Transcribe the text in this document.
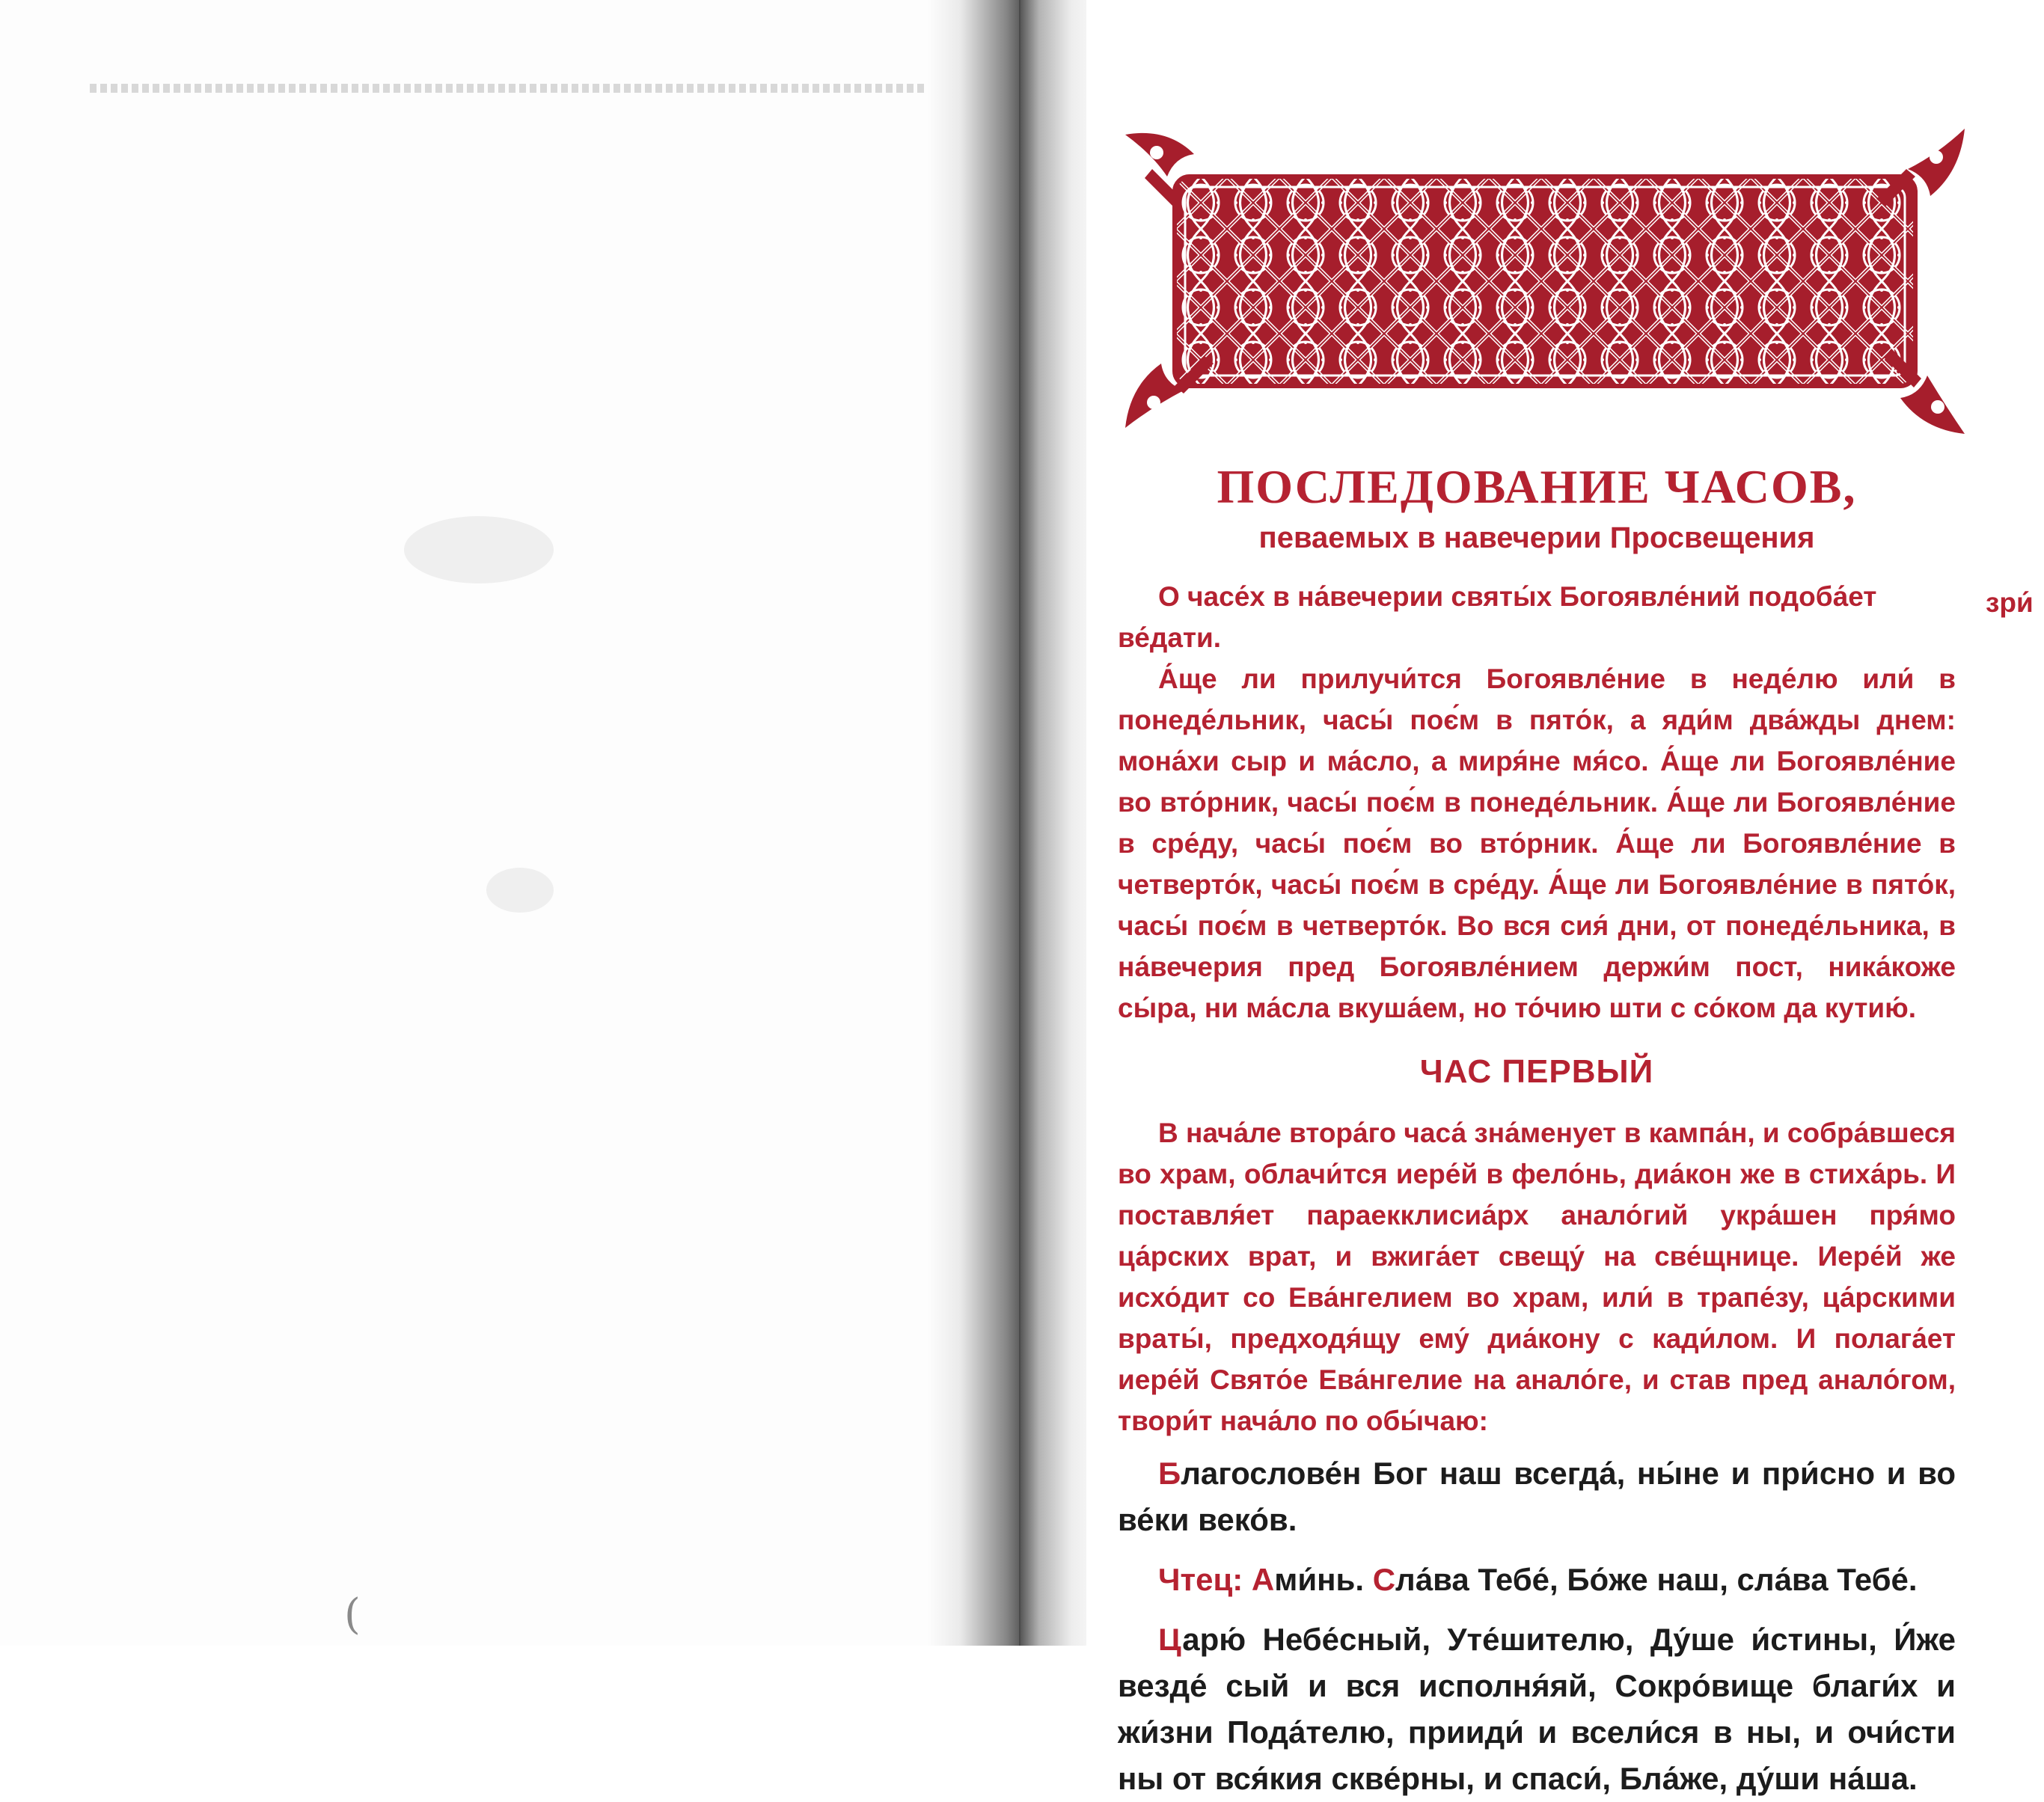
(
ПОСЛЕДОВАНИЕ ЧАСОВ,
певаемых в навечерии Просвещения

О часе́х в на́вечерии святы́х Богоявле́ний подоба́ет ве́дати.

А́ще ли прилучи́тся Богоявле́ние в неде́лю или́ в понеде́льник, часы́ поє́м в пято́к, а яди́м два́жды днем: мона́хи сыр и ма́сло, а миря́не мя́со. А́ще ли Богоявле́ние во вто́рник, часы́ поє́м в понеде́льник. А́ще ли Богоявле́ние в сре́ду, часы́ поє́м во вто́рник. А́ще ли Богоявле́ние в четверто́к, часы́ поє́м в сре́ду. А́ще ли Богоявле́ние в пято́к, часы́ поє́м в четверто́к. Во вся сия́ дни, от понеде́льника, в на́вечерия пред Богоявле́нием держи́м пост, ника́коже сы́ра, ни ма́сла вкуша́ем, но то́чию шти с со́ком да кутию́.

ЧАС ПЕРВЫЙ

В нача́ле втора́го часа́ зна́менует в кампа́н, и собра́вшеся во храм, облачи́тся иере́й в фело́нь, диа́кон же в стиха́рь. И поставля́ет параекклисиа́рх анало́гий укра́шен пря́мо ца́рских врат, и вжига́ет свещу́ на све́щнице. Иере́й же исхо́дит со Ева́нгелием во храм, или́ в трапе́зу, ца́рскими враты́, предходя́щу ему́ диа́кону с кади́лом. И полага́ет иере́й Свято́е Ева́нгелие на анало́ге, и став пред анало́гом, твори́т нача́ло по обы́чаю:

Благослове́н Бог наш всегда́, ны́не и при́сно и во ве́ки веко́в.

Чтец: Ами́нь. Сла́ва Тебе́, Бо́же наш, сла́ва Тебе́.

Царю́ Небе́сный, Уте́шителю, Ду́ше и́стины, И́же везде́ сый и вся исполня́яй, Сокро́вище благи́х и жи́зни Пода́телю, прииди́ и всели́ся в ны, и очи́сти ны от вся́кия скве́рны, и спаси́, Бла́же, ду́ши на́ша.

зри́
